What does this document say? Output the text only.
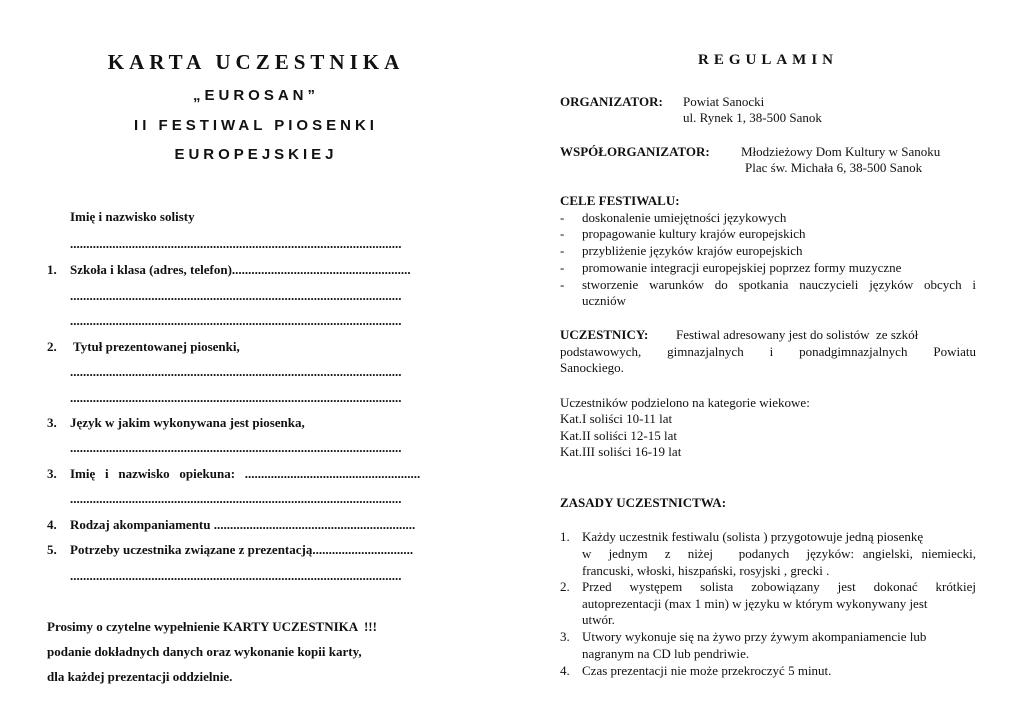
KARTA UCZESTNIKA
„EUROSAN”
II FESTIWAL PIOSENKI
EUROPEJSKIEJ
Imię i nazwisko solisty
......................................................................................................
1. Szkoła i klasa (adres, telefon).......................................................
......................................................................................................
......................................................................................................
2. Tytuł prezentowanej piosenki,
......................................................................................................
......................................................................................................
3. Język w jakim wykonywana jest piosenka,
......................................................................................................
3. Imię   i   nazwisko   opiekuna:   ......................................................
......................................................................................................
4. Rodzaj akompaniamentu ..............................................................
5. Potrzeby uczestnika związane z prezentacją...............................
......................................................................................................
Prosimy o czytelne wypełnienie KARTY UCZESTNIKA  !!!
podanie dokładnych danych oraz wykonanie kopii karty,
dla każdej prezentacji oddzielnie.
REGULAMIN
ORGANIZATOR: Powiat Sanocki
ul. Rynek 1, 38-500 Sanok
WSPÓŁORGANIZATOR: Młodzieżowy Dom Kultury w Sanoku
Plac św. Michała 6, 38-500 Sanok
CELE FESTIWALU:
-	doskonalenie umiejętności językowych
-	propagowanie kultury krajów europejskich
-	przybliżenie języków krajów europejskich
-	promowanie integracji europejskiej poprzez formy muzyczne
-	stworzenie warunków do spotkania nauczycieli języków obcych i
uczniów
UCZESTNICY: Festiwal adresowany jest do solistów  ze szkół
podstawowych,   gimnazjalnych   i   ponadgimnazjalnych   Powiatu
Sanockiego.
Uczestników podzielono na kategorie wiekowe:
Kat.I soliści 10-11 lat
Kat.II soliści 12-15 lat
Kat.III soliści 16-19 lat
ZASADY UCZESTNICTWA:
1. Każdy uczestnik festiwalu (solista ) przygotowuje jedną piosenkę
w  jednym  z  niżej   podanych  języków: angielski, niemiecki,
francuski, włoski, hiszpański, rosyjski , grecki .
2. Przed  występem  solista  zobowiązany  jest  dokonać  krótkiej
autoprezentacji (max 1 min) w języku w którym wykonywany jest
utwór.
3. Utwory wykonuje się na żywo przy żywym akompaniamencie lub
nagranym na CD lub pendriwie.
4. Czas prezentacji nie może przekroczyć 5 minut.
